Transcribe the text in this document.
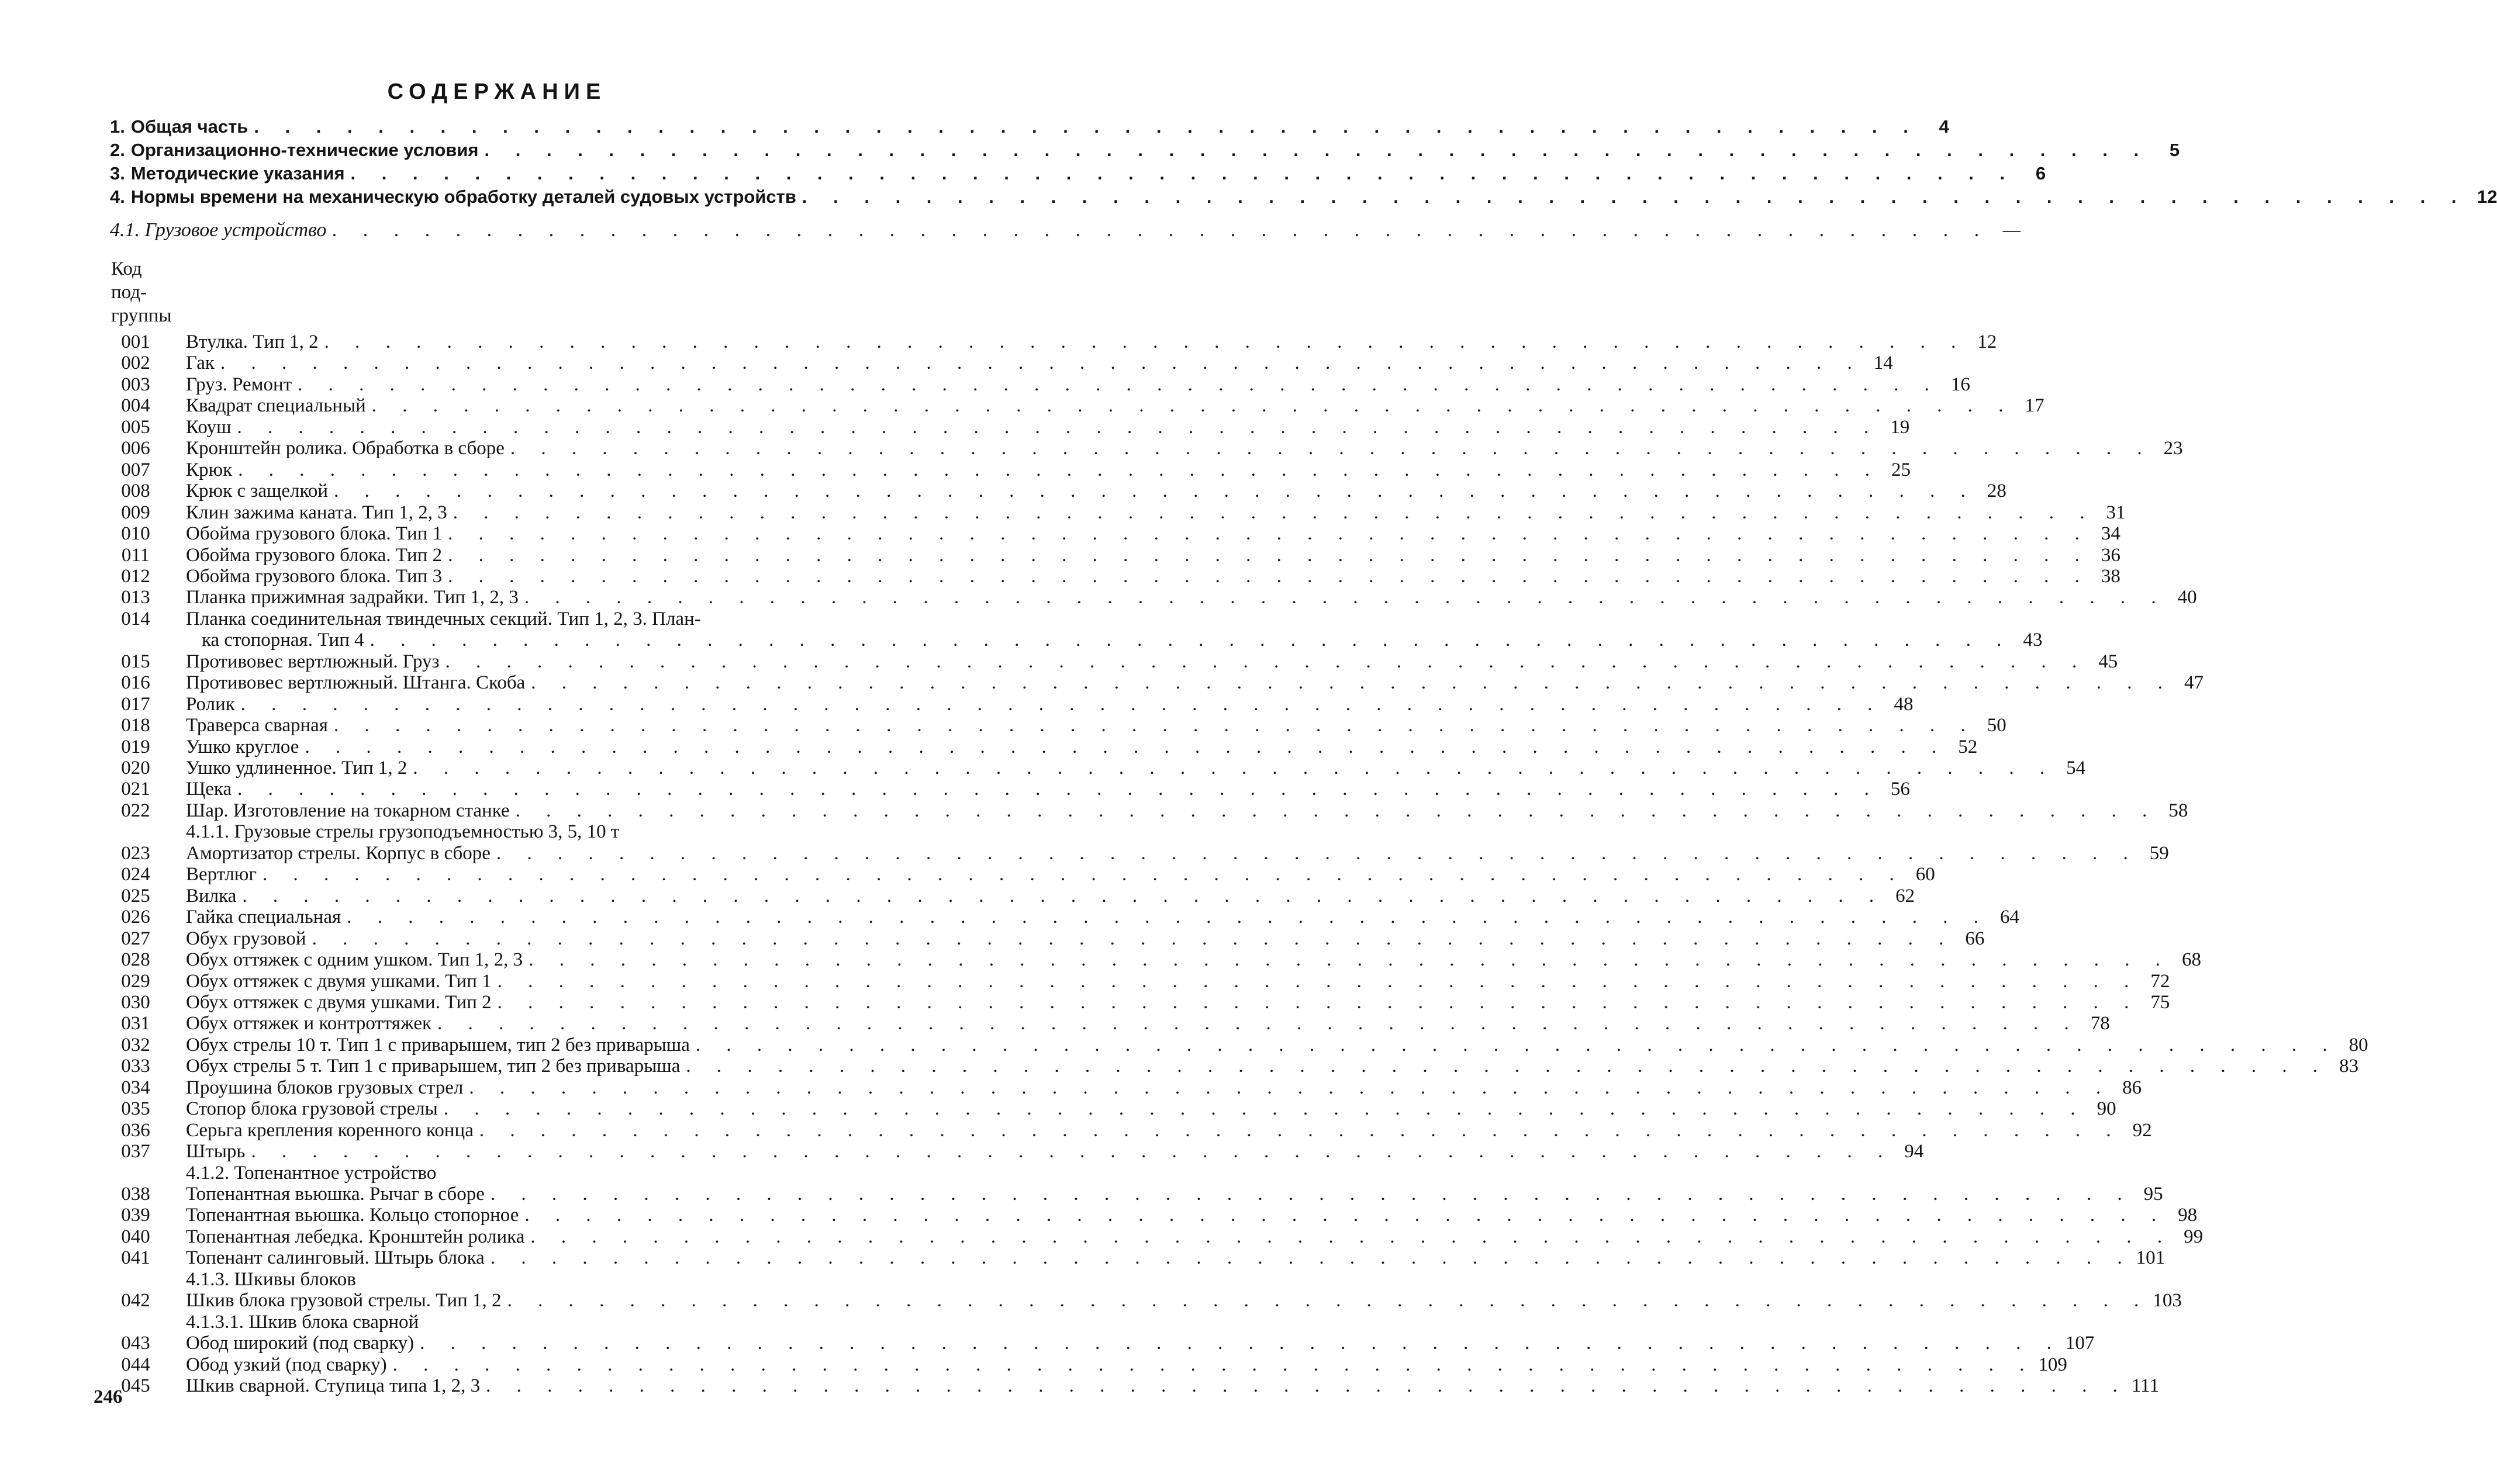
СОДЕРЖАНИЕ
1. Общая часть . . . . . . . . . . . . . . . . . . . . . . . . . . . . . . . . . . . . . . . . . . . . . . . . . . . . . .	4
2. Организационно-технические условия . . . . . . . . . . . . . . . . . . . . . . . . . . . . . . . . . . . . . . . . . . . . . . . . . . . . . .	5
3. Методические указания . . . . . . . . . . . . . . . . . . . . . . . . . . . . . . . . . . . . . . . . . . . . . . . . . . . . . .	6
4. Нормы времени на механическую обработку деталей судовых устройств . . . . . . . . . . . . . . . . . . . . . . . . . . . . . . . . . . . . . . . . . . . . . . . . . . . . . . 12
4.1. Грузовое устройство . . . . . . . . . . . . . . . . . . . . . . . . . . . . . . . . . . . . . . . . . . . . . . . . . . . . . . —
Код
под-
группы
001	Втулка. Тип 1, 2 . . . . . . . . . . . . . . . . . . . . . . . . . . . . . . . . . . . . . . . . . . . . . . . . . . . . . . 12
002	Гак . . . . . . . . . . . . . . . . . . . . . . . . . . . . . . . . . . . . . . . . . . . . . . . . . . . . . . 14
003	Груз. Ремонт . . . . . . . . . . . . . . . . . . . . . . . . . . . . . . . . . . . . . . . . . . . . . . . . . . . . . . 16
004	Квадрат специальный . . . . . . . . . . . . . . . . . . . . . . . . . . . . . . . . . . . . . . . . . . . . . . . . . . . . . . 17
005	Коуш . . . . . . . . . . . . . . . . . . . . . . . . . . . . . . . . . . . . . . . . . . . . . . . . . . . . . . 19
006	Кронштейн ролика. Обработка в сборе . . . . . . . . . . . . . . . . . . . . . . . . . . . . . . . . . . . . . . . . . . . . . . . . . . . . . . 23
007	Крюк . . . . . . . . . . . . . . . . . . . . . . . . . . . . . . . . . . . . . . . . . . . . . . . . . . . . . . 25
008	Крюк с защелкой . . . . . . . . . . . . . . . . . . . . . . . . . . . . . . . . . . . . . . . . . . . . . . . . . . . . . . 28
009	Клин зажима каната. Тип 1, 2, 3 . . . . . . . . . . . . . . . . . . . . . . . . . . . . . . . . . . . . . . . . . . . . . . . . . . . . . . 31
010	Обойма грузового блока. Тип 1 . . . . . . . . . . . . . . . . . . . . . . . . . . . . . . . . . . . . . . . . . . . . . . . . . . . . . . 34
011	Обойма грузового блока. Тип 2 . . . . . . . . . . . . . . . . . . . . . . . . . . . . . . . . . . . . . . . . . . . . . . . . . . . . . . 36
012	Обойма грузового блока. Тип 3 . . . . . . . . . . . . . . . . . . . . . . . . . . . . . . . . . . . . . . . . . . . . . . . . . . . . . . 38
013	Планка прижимная задрайки. Тип 1, 2, 3 . . . . . . . . . . . . . . . . . . . . . . . . . . . . . . . . . . . . . . . . . . . . . . . . . . . . . . 40
014	Планка соединительная твиндечных секций. Тип 1, 2, 3. План-
ка стопорная. Тип 4 . . . . . . . . . . . . . . . . . . . . . . . . . . . . . . . . . . . . . . . . . . . . . . . . . . . . . . 43
015	Противовес вертлюжный. Груз . . . . . . . . . . . . . . . . . . . . . . . . . . . . . . . . . . . . . . . . . . . . . . . . . . . . . . 45
016	Противовес вертлюжный. Штанга. Скоба . . . . . . . . . . . . . . . . . . . . . . . . . . . . . . . . . . . . . . . . . . . . . . . . . . . . . . 47
017	Ролик . . . . . . . . . . . . . . . . . . . . . . . . . . . . . . . . . . . . . . . . . . . . . . . . . . . . . . 48
018	Траверса сварная . . . . . . . . . . . . . . . . . . . . . . . . . . . . . . . . . . . . . . . . . . . . . . . . . . . . . . 50
019	Ушко круглое . . . . . . . . . . . . . . . . . . . . . . . . . . . . . . . . . . . . . . . . . . . . . . . . . . . . . . 52
020	Ушко удлиненное. Тип 1, 2 . . . . . . . . . . . . . . . . . . . . . . . . . . . . . . . . . . . . . . . . . . . . . . . . . . . . . . 54
021	Щека . . . . . . . . . . . . . . . . . . . . . . . . . . . . . . . . . . . . . . . . . . . . . . . . . . . . . . 56
022	Шар. Изготовление на токарном станке . . . . . . . . . . . . . . . . . . . . . . . . . . . . . . . . . . . . . . . . . . . . . . . . . . . . . . 58
4.1.1. Грузовые стрелы грузоподъемностью 3, 5, 10 т
023	Амортизатор стрелы. Корпус в сборе . . . . . . . . . . . . . . . . . . . . . . . . . . . . . . . . . . . . . . . . . . . . . . . . . . . . . . 59
024	Вертлюг . . . . . . . . . . . . . . . . . . . . . . . . . . . . . . . . . . . . . . . . . . . . . . . . . . . . . . 60
025	Вилка . . . . . . . . . . . . . . . . . . . . . . . . . . . . . . . . . . . . . . . . . . . . . . . . . . . . . . 62
026	Гайка специальная . . . . . . . . . . . . . . . . . . . . . . . . . . . . . . . . . . . . . . . . . . . . . . . . . . . . . . 64
027	Обух грузовой . . . . . . . . . . . . . . . . . . . . . . . . . . . . . . . . . . . . . . . . . . . . . . . . . . . . . . 66
028	Обух оттяжек с одним ушком. Тип 1, 2, 3 . . . . . . . . . . . . . . . . . . . . . . . . . . . . . . . . . . . . . . . . . . . . . . . . . . . . . . 68
029	Обух оттяжек с двумя ушками. Тип 1 . . . . . . . . . . . . . . . . . . . . . . . . . . . . . . . . . . . . . . . . . . . . . . . . . . . . . . 72
030	Обух оттяжек с двумя ушками. Тип 2 . . . . . . . . . . . . . . . . . . . . . . . . . . . . . . . . . . . . . . . . . . . . . . . . . . . . . . 75
031	Обух оттяжек и контроттяжек . . . . . . . . . . . . . . . . . . . . . . . . . . . . . . . . . . . . . . . . . . . . . . . . . . . . . . 78
032	Обух стрелы 10 т. Тип 1 с приварышем, тип 2 без приварыша . . . . . . . . . . . . . . . . . . . . . . . . . . . . . . . . . . . . . . . . . . . . . . . . . . . . . . 80
033	Обух стрелы 5 т. Тип 1 с приварышем, тип 2 без приварыша . . . . . . . . . . . . . . . . . . . . . . . . . . . . . . . . . . . . . . . . . . . . . . . . . . . . . . 83
034	Проушина блоков грузовых стрел . . . . . . . . . . . . . . . . . . . . . . . . . . . . . . . . . . . . . . . . . . . . . . . . . . . . . . 86
035	Стопор блока грузовой стрелы . . . . . . . . . . . . . . . . . . . . . . . . . . . . . . . . . . . . . . . . . . . . . . . . . . . . . . 90
036	Серьга крепления коренного конца . . . . . . . . . . . . . . . . . . . . . . . . . . . . . . . . . . . . . . . . . . . . . . . . . . . . . . 92
037	Штырь . . . . . . . . . . . . . . . . . . . . . . . . . . . . . . . . . . . . . . . . . . . . . . . . . . . . . . 94
4.1.2. Топенантное устройство
038	Топенантная вьюшка. Рычаг в сборе . . . . . . . . . . . . . . . . . . . . . . . . . . . . . . . . . . . . . . . . . . . . . . . . . . . . . . 95
039	Топенантная вьюшка. Кольцо стопорное . . . . . . . . . . . . . . . . . . . . . . . . . . . . . . . . . . . . . . . . . . . . . . . . . . . . . . 98
040	Топенантная лебедка. Кронштейн ролика . . . . . . . . . . . . . . . . . . . . . . . . . . . . . . . . . . . . . . . . . . . . . . . . . . . . . . 99
041	Топенант салинговый. Штырь блока . . . . . . . . . . . . . . . . . . . . . . . . . . . . . . . . . . . . . . . . . . . . . . . . . . . . . . 101
4.1.3. Шкивы блоков
042	Шкив блока грузовой стрелы. Тип 1, 2 . . . . . . . . . . . . . . . . . . . . . . . . . . . . . . . . . . . . . . . . . . . . . . . . . . . . . . 103
4.1.3.1. Шкив блока сварной
043	Обод широкий (под сварку) . . . . . . . . . . . . . . . . . . . . . . . . . . . . . . . . . . . . . . . . . . . . . . . . . . . . . . 107
044	Обод узкий (под сварку) . . . . . . . . . . . . . . . . . . . . . . . . . . . . . . . . . . . . . . . . . . . . . . . . . . . . . . 109
045	Шкив сварной. Ступица типа 1, 2, 3 . . . . . . . . . . . . . . . . . . . . . . . . . . . . . . . . . . . . . . . . . . . . . . . . . . . . . . 111
246
